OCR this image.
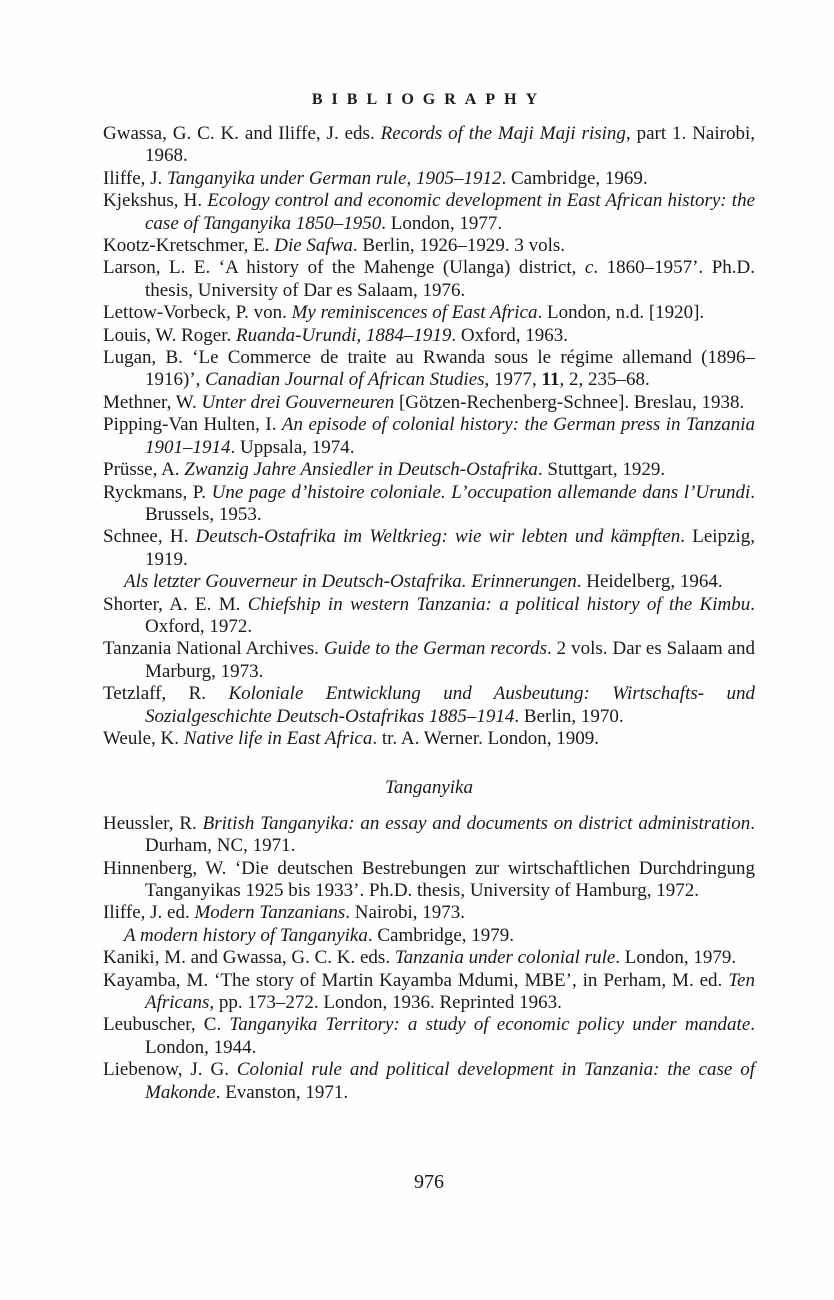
BIBLIOGRAPHY

Gwassa, G. C. K. and Iliffe, J. eds. Records of the Maji Maji rising, part 1. Nairobi, 1968.

Iliffe, J. Tanganyika under German rule, 1905–1912. Cambridge, 1969.

Kjekshus, H. Ecology control and economic development in East African history: the case of Tanganyika 1850–1950. London, 1977.

Kootz-Kretschmer, E. Die Safwa. Berlin, 1926–1929. 3 vols.

Larson, L. E. ‘A history of the Mahenge (Ulanga) district, c. 1860–1957’. Ph.D. thesis, University of Dar es Salaam, 1976.

Lettow-Vorbeck, P. von. My reminiscences of East Africa. London, n.d. [1920].

Louis, W. Roger. Ruanda-Urundi, 1884–1919. Oxford, 1963.

Lugan, B. ‘Le Commerce de traite au Rwanda sous le régime allemand (1896–1916)’, Canadian Journal of African Studies, 1977, 11, 2, 235–68.

Methner, W. Unter drei Gouverneuren [Götzen-Rechenberg-Schnee]. Breslau, 1938.

Pipping-Van Hulten, I. An episode of colonial history: the German press in Tanzania 1901–1914. Uppsala, 1974.

Prüsse, A. Zwanzig Jahre Ansiedler in Deutsch-Ostafrika. Stuttgart, 1929.

Ryckmans, P. Une page d’histoire coloniale. L’occupation allemande dans l’Urundi. Brussels, 1953.

Schnee, H. Deutsch-Ostafrika im Weltkrieg: wie wir lebten und kämpften. Leipzig, 1919.

Als letzter Gouverneur in Deutsch-Ostafrika. Erinnerungen. Heidelberg, 1964.

Shorter, A. E. M. Chiefship in western Tanzania: a political history of the Kimbu. Oxford, 1972.

Tanzania National Archives. Guide to the German records. 2 vols. Dar es Salaam and Marburg, 1973.

Tetzlaff, R. Koloniale Entwicklung und Ausbeutung: Wirtschafts- und Sozialgeschichte Deutsch-Ostafrikas 1885–1914. Berlin, 1970.

Weule, K. Native life in East Africa. tr. A. Werner. London, 1909.

Tanganyika

Heussler, R. British Tanganyika: an essay and documents on district administration. Durham, NC, 1971.

Hinnenberg, W. ‘Die deutschen Bestrebungen zur wirtschaftlichen Durchdringung Tanganyikas 1925 bis 1933’. Ph.D. thesis, University of Hamburg, 1972.

Iliffe, J. ed. Modern Tanzanians. Nairobi, 1973.

A modern history of Tanganyika. Cambridge, 1979.

Kaniki, M. and Gwassa, G. C. K. eds. Tanzania under colonial rule. London, 1979.

Kayamba, M. ‘The story of Martin Kayamba Mdumi, MBE’, in Perham, M. ed. Ten Africans, pp. 173–272. London, 1936. Reprinted 1963.

Leubuscher, C. Tanganyika Territory: a study of economic policy under mandate. London, 1944.

Liebenow, J. G. Colonial rule and political development in Tanzania: the case of Makonde. Evanston, 1971.

976
